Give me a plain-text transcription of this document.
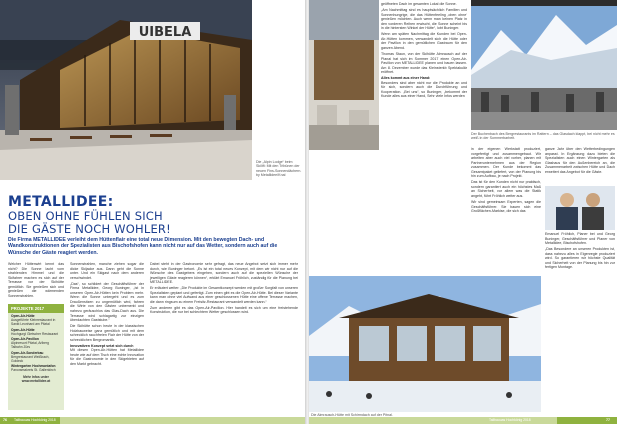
UIBELA
Die „Alpin Lodge“ beim Skilift: Mit den Tribünen der neuen Fins-Sonnendächern. by Metallidee/Knal
METALLIDEE:
OBEN OHNE FÜHLEN SICH
DIE GÄSTE NOCH WOHLER!
Die Firma METALLIDEE verleiht dem Hüttenflair eine total neue Dimension. Mit den bewegten Dach- und Wandkonstruktionen der Spezialisten aus Bischofshofen kann nicht nur auf das Wetter, sondern auch auf die Wünsche der Gäste reagiert werden.

Welcher Hüttenwirt kennt das nicht? Die Sonne lacht vom strahlenden Himmel und die Skifahrer machen es sich auf der Terrasse vor der Skihütte gemütlich. Sie genießen sich und genießen die wärmenden Sonnenstrahlen.

PROJEKTE 2017
Open-Air-Hütte
Ausgeführte Kleinrestaurant in Sankt Leonhard am Pitztal
Open-Air-Hütte
Hochgurgl Gletscher Restaurant
Open-Air-Pavillon
Alpinresort Pitztal, Arlberg Talbahn Zürs
Open-Air-Sonderbau
Bergrestaurant Weißbach, Goldeck
Wintergarten Hochmontafon
Panoramakreis St. Gallenkirch
Mehr Infos unter www.metallidee.at

Sonnenstrahlen, manche ziehen sogar die dicke Skijacke aus. Dann geht die Sonne unter. Und ein Skigast nach dem anderen verschwindet.

„Das“, so schildert der Geschäftsführer der Firma Metallidee, Georg Buninger, „ist in unseren Open-Air-Hütten kein Problem mehr. Wenn die Sonne untergeht und es zum Draußensitzen zu ungemütlich wird, fahren die Wirte von den Gästen unbemerkt und nahezu geräuschlos das Glas-Dach aus. Die Terrasse wird schlagartig zur einzigen überdachten Gaststube.“

Die Skihütte schon heute in der klassischen Holzbauweise ganz gemütlich und mit dem schrecklich rauchfreien Flair der Hütte von der schrecklichen Bergromantik.

Innovativen Konzept setzt sich durch
Mit diesen Open-Air-Hütten hat Metallidee heute wie auf dem Tisch eine echte Innovation für die Gastronomie in den Skigebieten auf den Markt gebracht.

Dabei steht in der Gastronomie sehr gefragt, das neue Angebot setzt sich immer mehr durch, wie Buninger betont. „Es ist ein total neues Konzept, mit dem wir nicht nur auf die Wünsche des Gastgebers eingehen, sondern auch auf die speziellen Wünsche der jeweiligen Gäste reagieren können“, erklärt Emanuel Fröhlich, zuständig für die Planung bei METALLIDEE.

Er erläutert weiter: „Die Produkte im Gesamtkonzept werden mit großer Sorgfalt von unseren Spezialisten geplant und gefertigt. Zum einen gibt es die Open-Air-Hütte. Bei dieser Variante kann man ohne viel Aufwand aus einer geschlossenen Hütte eine offene Terrasse machen, die dann ringsum zu einem Freisitz-Restaurant verwandelt werden kann.“

Zum anderen gibt es das Open-Air-Pavillon. Hier handelt es sich um eine freistehende Konstruktion, die nur bei schlechtem Wetter geschlossen wird.

Tallbauuas Hochkönig 2018
76

geöffneten Dach im gesamten Lokal die Sonne.

„Am Nachmittag sind es hauptsächlich Familien und Sonnenhungrige, die das Hüttenfeeling ‚oben ohne‘ genießen möchten. Auch wenn man keinen Platz in den vorderen Reihen erwischt, die Sonne scheint bis in die hintersten Winkel der Hütte“, lobt Buninger.

Wenn am späten Nachmittag die Kunden bei Open-Air-Hütten kommen, verwandelt sich die Hütte oder der Pavillon in den gemütlichen Gastraum für den ganzen Abend.

Thomas Staun, von der Skihütte Almrausch auf der Planai hat sich im Sommer 2017 einen Open-Air-Pavillon von METALLIDEE planen und bauen lassen. Am 8. Dezember wurde das Kleinsterkb Spektakulär eröffnet.

Alles kommt aus einer Hand:
Besonders sind aber nicht nur die Produkte an und für sich, sondern auch die Durchführung und Kooperation. „Bei uns“, so Buninger, „bekommt der Kunde alles aus einer Hand, Sehr viele Infos werden

Der Buchenbach des Bergrestaurants im Rattern – das Glasdach klappt, bei nicht mehr es weiß in der Sommerbarbeit.

in der eigenen Werkstatt produziert, vorgefertigt und zusammengebaut. Wir arbeiten aber auch viel vorher, planen mit Partnerunternehmen aus der Region zusammen. Der Kunde bekommt das Gesamtpaket geliefert, von der Planung bis hin zum Aufbau, je nach Projekt.

Das ist für den Kunden nicht nur praktisch, sondern garantiert auch ein höchstes Maß an Sicherheit, vor allem was die Statik angeht, führt Fröhlich weiter aus.

Wir sind gemeinsam Experten, sagen die Geschäftsführer. Sie bauen sich eine Großflächen-Markise, die sich das

ganze Jahr über den Wetterbedingungen anpasst. In Ergänzung dazu bieten die Spezialisten auch einen Wintergarten als Glashaus für den Außenbereich an, die Zusammenarbeit zwischen Hütte und Dach erweitert das Angebot für die Gäste.

Emanuel Fröhlich, Planer bei und Georg Buninger, Geschäftsführer und Planer von Metallidee, Bischofshofen.

„Das Besondere an unseren Produkten ist, dass nahezu alles in Eigenregie produziert wird. So garantieren wir höchste Qualität und Sicherheit von der Planung bis hin zur fertigen Montage.

Die Almrausch-Hütte mit Schirmdach auf der Pitnal.
Tallbauuas Hochkönig 2018	77
